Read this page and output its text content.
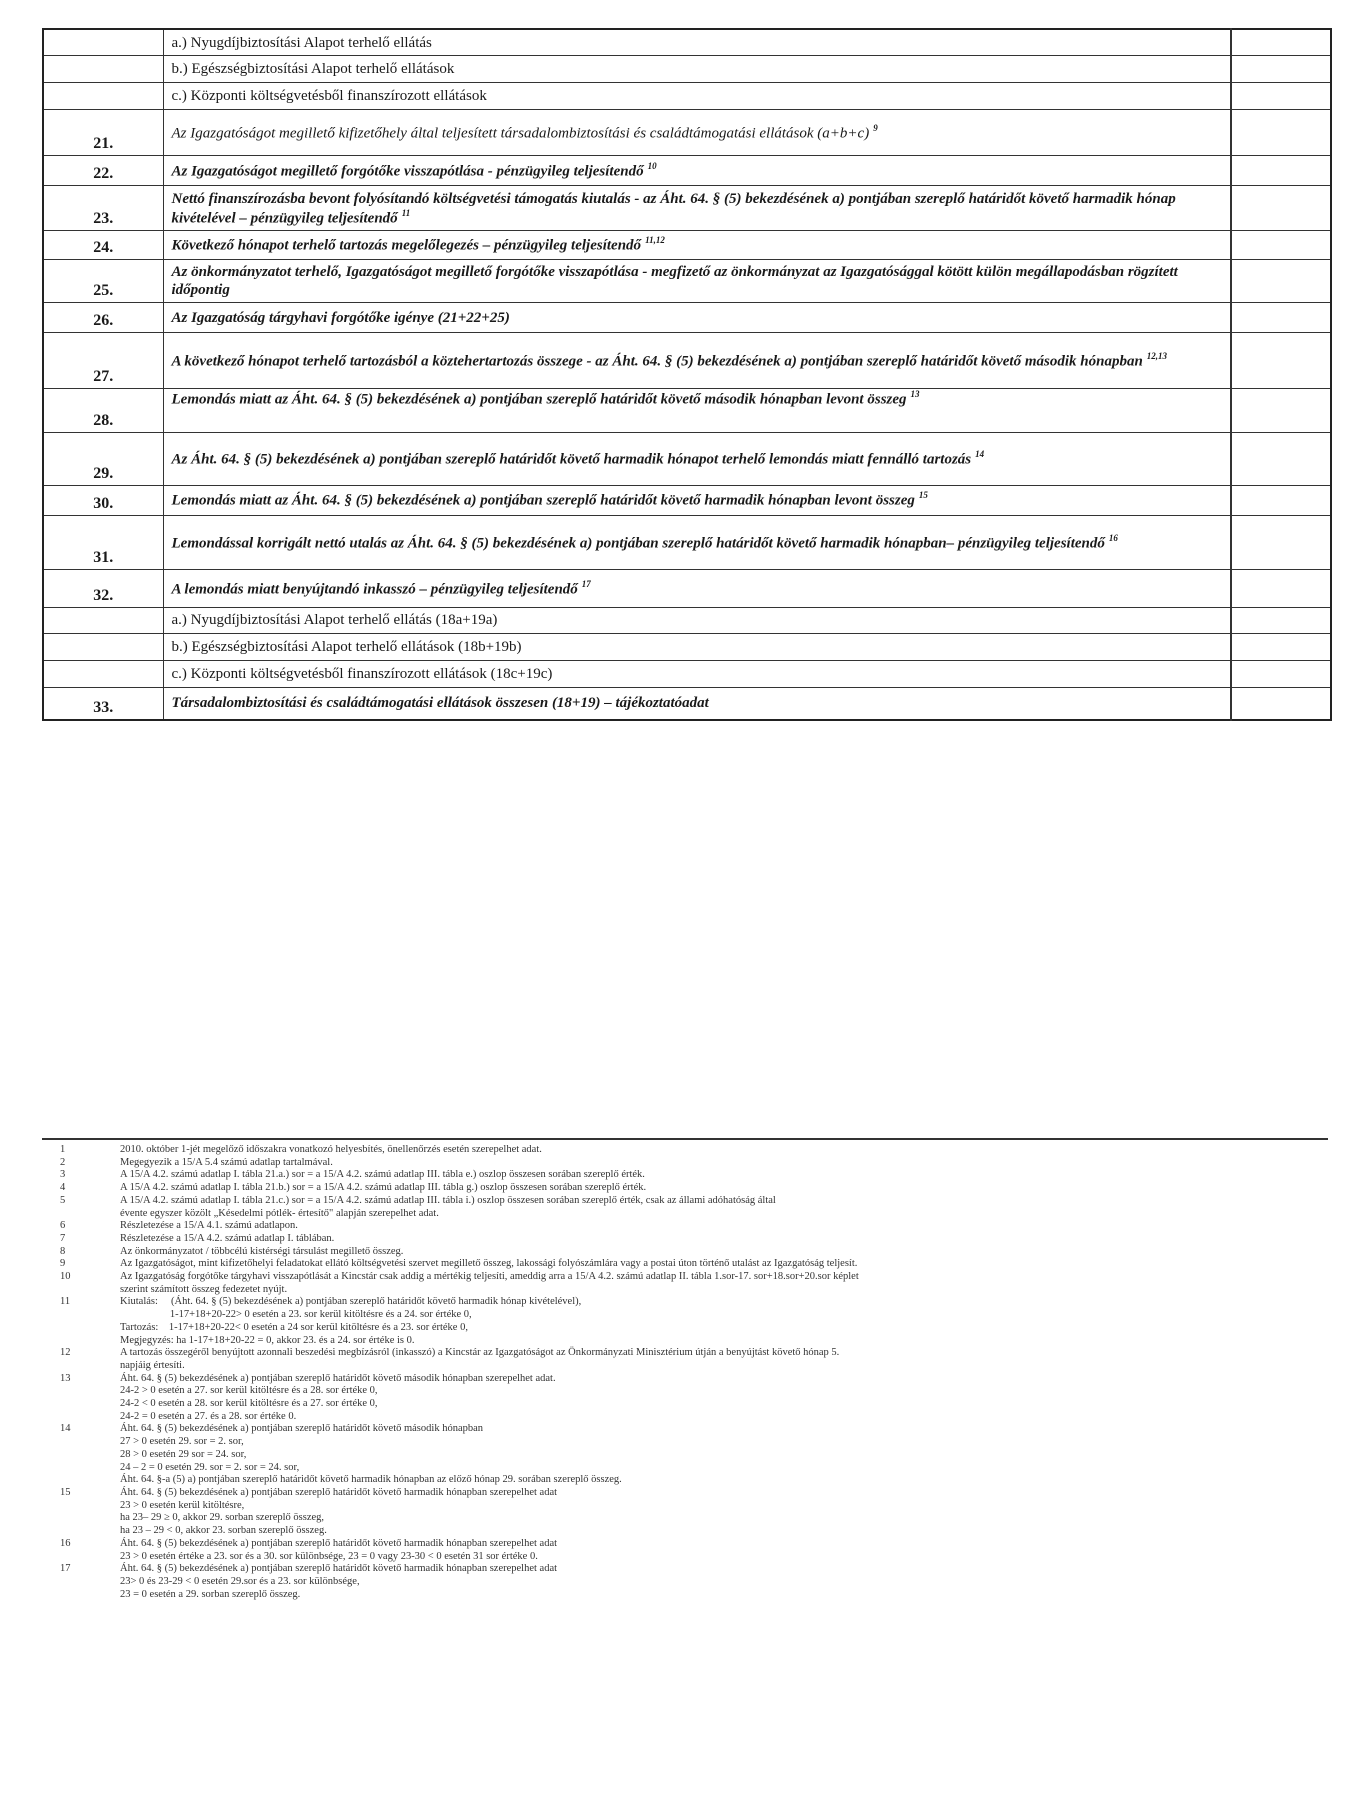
	a.) Nyugdíjbiztosítási Alapot terhelő ellátás	
	b.) Egészségbiztosítási Alapot terhelő ellátások	
	c.) Központi költségvetésből finanszírozott ellátások	
21.	Az Igazgatóságot megillető kifizetőhely által teljesített társadalombiztosítási és családtámogatási ellátások (a+b+c) $^9$	
22.	Az Igazgatóságot megillető forgótőke visszapótlása - pénzügyileg teljesítendő $^{10}$	
23.	Nettó finanszírozásba bevont folyósítandó költségvetési támogatás kiutalás - az Áht. 64. § (5) bekezdésének a) pontjában szereplő határidőt követő harmadik hónap kivételével – pénzügyileg teljesítendő $^{11}$	
24.	Következő hónapot terhelő tartozás megelőlegezés – pénzügyileg teljesítendő $^{11,12}$	
25.	Az önkormányzatot terhelő, Igazgatóságot megillető forgótőke visszapótlása - megfizető az önkormányzat az Igazgatósággal kötött külön megállapodásban rögzített időpontig	
26.	Az Igazgatóság tárgyhavi forgótőke igénye (21+22+25)	
27.	A következő hónapot terhelő tartozásból a köztehertartozás összege - az Áht. 64. § (5) bekezdésének a) pontjában szereplő határidőt követő második hónapban $^{12,13}$	
28.	Lemondás miatt az Áht. 64. § (5) bekezdésének a) pontjában szereplő határidőt követő második hónapban levont összeg $^{13}$	
29.	Az Áht. 64. § (5) bekezdésének a) pontjában szereplő határidőt követő harmadik hónapot terhelő lemondás miatt fennálló tartozás $^{14}$	
30.	Lemondás miatt az Áht. 64. § (5) bekezdésének a) pontjában szereplő határidőt követő harmadik hónapban levont összeg $^{15}$	
31.	Lemondással korrigált nettó utalás az Áht. 64. § (5) bekezdésének a) pontjában szereplő határidőt követő harmadik hónapban– pénzügyileg teljesítendő $^{16}$	
32.	A lemondás miatt benyújtandó inkasszó – pénzügyileg teljesítendő $^{17}$	
	a.) Nyugdíjbiztosítási Alapot terhelő ellátás (18a+19a)	
	b.) Egészségbiztosítási Alapot terhelő ellátások (18b+19b)	
	c.) Központi költségvetésből finanszírozott ellátások (18c+19c)	
33.	Társadalombiztosítási és családtámogatási ellátások összesen (18+19) – tájékoztatóadat	
1	2010. október 1-jét megelőző időszakra vonatkozó helyesbítés, önellenőrzés esetén szerepelhet adat.
2	Megegyezik a 15/A 5.4 számú adatlap tartalmával.
3	A 15/A 4.2. számú adatlap I. tábla 21.a.) sor = a 15/A 4.2. számú adatlap III. tábla e.) oszlop összesen sorában szereplő érték.
4	A 15/A 4.2. számú adatlap I. tábla 21.b.) sor = a 15/A 4.2. számú adatlap III. tábla g.) oszlop összesen sorában szereplő érték.
5	A 15/A 4.2. számú adatlap I. tábla 21.c.) sor = a 15/A 4.2. számú adatlap III. tábla i.) oszlop összesen sorában szereplő érték, csak az állami adóhatóság által
évente egyszer közölt „Késedelmi pótlék- értesítő" alapján szerepelhet adat.
6	Részletezése a 15/A 4.1. számú adatlapon.
7	Részletezése a 15/A 4.2. számú adatlap I. táblában.
8	Az önkormányzatot / többcélú kistérségi társulást megillető összeg.
9	Az Igazgatóságot, mint kifizetőhelyi feladatokat ellátó költségvetési szervet megillető összeg, lakossági folyószámlára vagy a postai úton történő utalást az Igazgatóság teljesít.
10	Az Igazgatóság forgótőke tárgyhavi visszapótlását a Kincstár csak addig a mértékig teljesíti, ameddig arra a 15/A 4.2. számú adatlap II. tábla 1.sor-17. sor+18.sor+20.sor képlet
szerint számított összeg fedezetet nyújt.
11	Kiutalás:     (Áht. 64. § (5) bekezdésének a) pontjában szereplő határidőt követő harmadik hónap kivételével),
1-17+18+20-22> 0 esetén a 23. sor kerül kitöltésre és a 24. sor értéke 0,
Tartozás:    1-17+18+20-22< 0 esetén a 24 sor kerül kitöltésre és a 23. sor értéke 0,
Megjegyzés: ha 1-17+18+20-22 = 0, akkor 23. és a 24. sor értéke is 0.
12	A tartozás összegéről benyújtott azonnali beszedési megbízásról (inkasszó) a Kincstár az Igazgatóságot az Önkormányzati Minisztérium útján a benyújtást követő hónap 5.
napjáig értesíti.
13	Áht. 64. § (5) bekezdésének a) pontjában szereplő határidőt követő második hónapban szerepelhet adat.
24-2 > 0 esetén a 27. sor kerül kitöltésre és a 28. sor értéke 0,
24-2 < 0 esetén a 28. sor kerül kitöltésre és a 27. sor értéke 0,
24-2 = 0 esetén a 27. és a 28. sor értéke 0.
14	Áht. 64. § (5) bekezdésének a) pontjában szereplő határidőt követő második hónapban
27 > 0 esetén 29. sor = 2. sor,
28 > 0 esetén 29 sor = 24. sor,
24 – 2 = 0 esetén 29. sor = 2. sor = 24. sor,
Áht. 64. §-a (5) a) pontjában szereplő határidőt követő harmadik hónapban az előző hónap 29. sorában szereplő összeg.
15	Áht. 64. § (5) bekezdésének a) pontjában szereplő határidőt követő harmadik hónapban szerepelhet adat
23 > 0 esetén kerül kitöltésre,
ha 23– 29 ≥ 0, akkor 29. sorban szereplő összeg,
ha 23 – 29 < 0, akkor 23. sorban szereplő összeg.
16	Áht. 64. § (5) bekezdésének a) pontjában szereplő határidőt követő harmadik hónapban szerepelhet adat
23 > 0 esetén értéke a 23. sor és a 30. sor különbsége, 23 = 0 vagy 23-30 < 0 esetén 31 sor értéke 0.
17	Áht. 64. § (5) bekezdésének a) pontjában szereplő határidőt követő harmadik hónapban szerepelhet adat
23> 0 és 23-29 < 0 esetén 29.sor és a 23. sor különbsége,
23 = 0 esetén a 29. sorban szereplő összeg.
